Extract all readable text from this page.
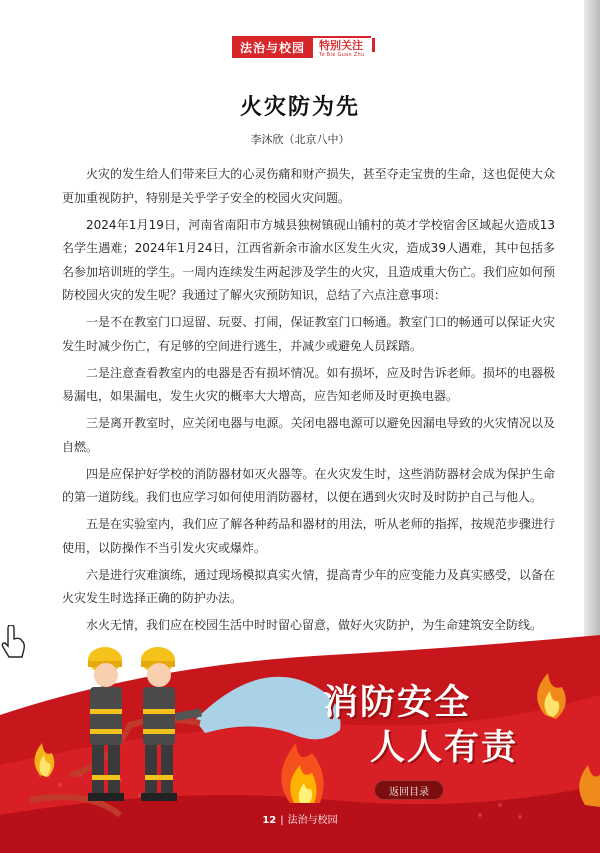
法治与校园	特别关注
Te Bie Guan Zhu
火灾防为先
李沐欣（北京八中）

火灾的发生给人们带来巨大的心灵伤痛和财产损失，甚至夺走宝贵的生命，这也促使大众更加重视防护，特别是关乎学子安全的校园火灾问题。

2024年1月19日，河南省南阳市方城县独树镇砚山铺村的英才学校宿舍区域起火造成13名学生遇难；2024年1月24日，江西省新余市渝水区发生火灾，造成39人遇难，其中包括多名参加培训班的学生。一周内连续发生两起涉及学生的火灾，且造成重大伤亡。我们应如何预防校园火灾的发生呢？我通过了解火灾预防知识，总结了六点注意事项：

一是不在教室门口逗留、玩耍、打闹，保证教室门口畅通。教室门口的畅通可以保证火灾发生时减少伤亡，有足够的空间进行逃生，并减少或避免人员踩踏。

二是注意查看教室内的电器是否有损坏情况。如有损坏，应及时告诉老师。损坏的电器极易漏电，如果漏电，发生火灾的概率大大增高，应告知老师及时更换电器。

三是离开教室时，应关闭电器与电源。关闭电器电源可以避免因漏电导致的火灾情况以及自燃。

四是应保护好学校的消防器材如灭火器等。在火灾发生时，这些消防器材会成为保护生命的第一道防线。我们也应学习如何使用消防器材，以便在遇到火灾时及时防护自己与他人。

五是在实验室内，我们应了解各种药品和器材的用法，听从老师的指挥，按规范步骤进行使用，以防操作不当引发火灾或爆炸。

六是进行灾难演练，通过现场模拟真实火情，提高青少年的应变能力及真实感受，以备在火灾发生时选择正确的防护办法。

水火无情，我们应在校园生活中时时留心留意，做好火灾防护，为生命建筑安全防线。

消防安全
人人有责
返回目录
12 | 法治与校园
